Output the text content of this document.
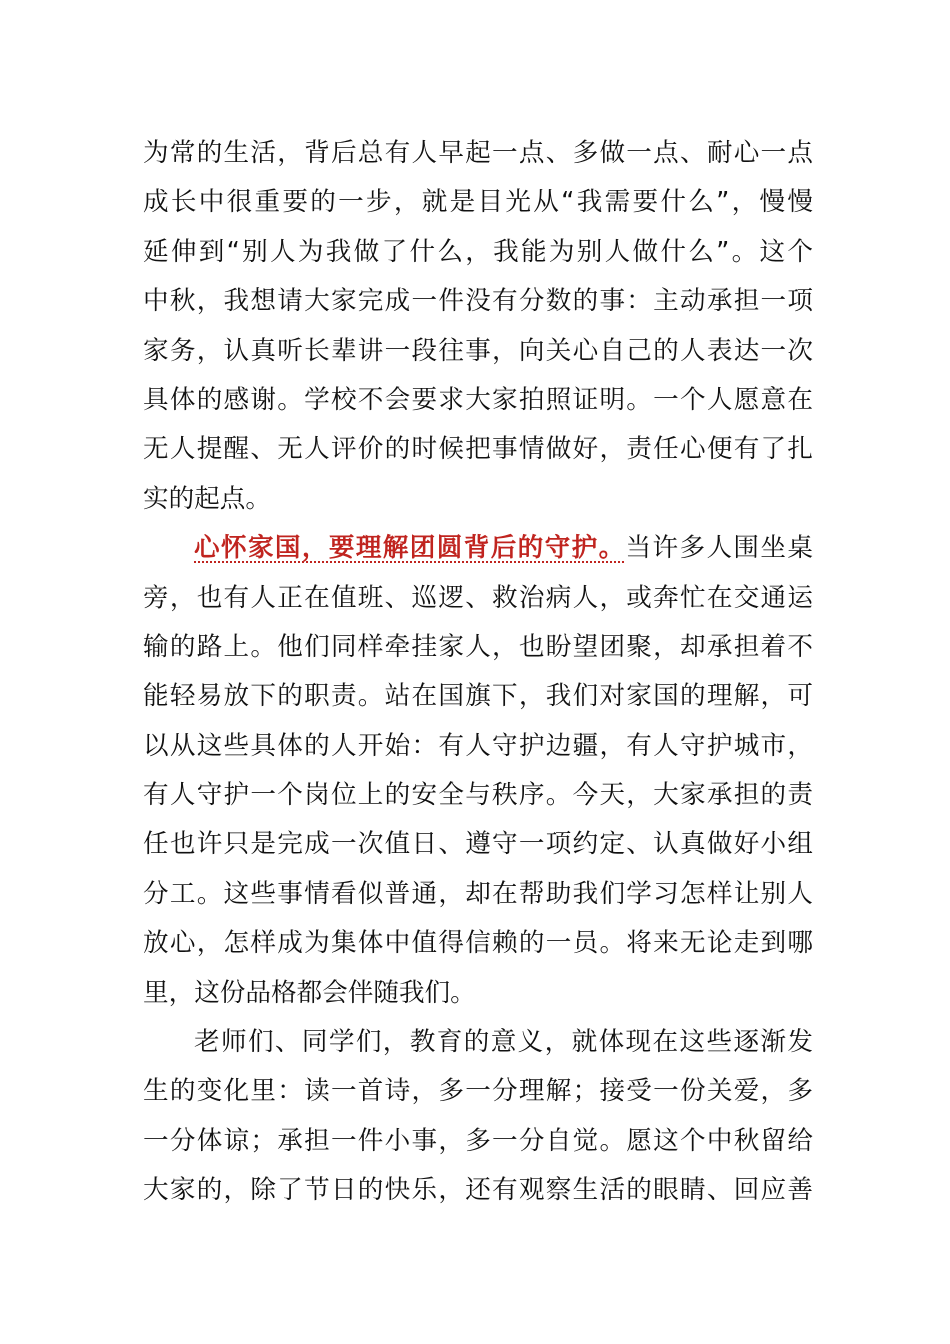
为常的生活，背后总有人早起一点、多做一点、耐心一点
成长中很重要的一步，就是目光从“我需要什么”，慢慢
延伸到“别人为我做了什么，我能为别人做什么”。这个
中秋，我想请大家完成一件没有分数的事：主动承担一项
家务，认真听长辈讲一段往事，向关心自己的人表达一次
具体的感谢。学校不会要求大家拍照证明。一个人愿意在
无人提醒、无人评价的时候把事情做好，责任心便有了扎
实的起点。
心怀家国，要理解团圆背后的守护。当许多人围坐桌
旁，也有人正在值班、巡逻、救治病人，或奔忙在交通运
输的路上。他们同样牵挂家人，也盼望团聚，却承担着不
能轻易放下的职责。站在国旗下，我们对家国的理解，可
以从这些具体的人开始：有人守护边疆，有人守护城市，
有人守护一个岗位上的安全与秩序。今天，大家承担的责
任也许只是完成一次值日、遵守一项约定、认真做好小组
分工。这些事情看似普通，却在帮助我们学习怎样让别人
放心，怎样成为集体中值得信赖的一员。将来无论走到哪
里，这份品格都会伴随我们。
老师们、同学们，教育的意义，就体现在这些逐渐发
生的变化里：读一首诗，多一分理解；接受一份关爱，多
一分体谅；承担一件小事，多一分自觉。愿这个中秋留给
大家的，除了节日的快乐，还有观察生活的眼睛、回应善
